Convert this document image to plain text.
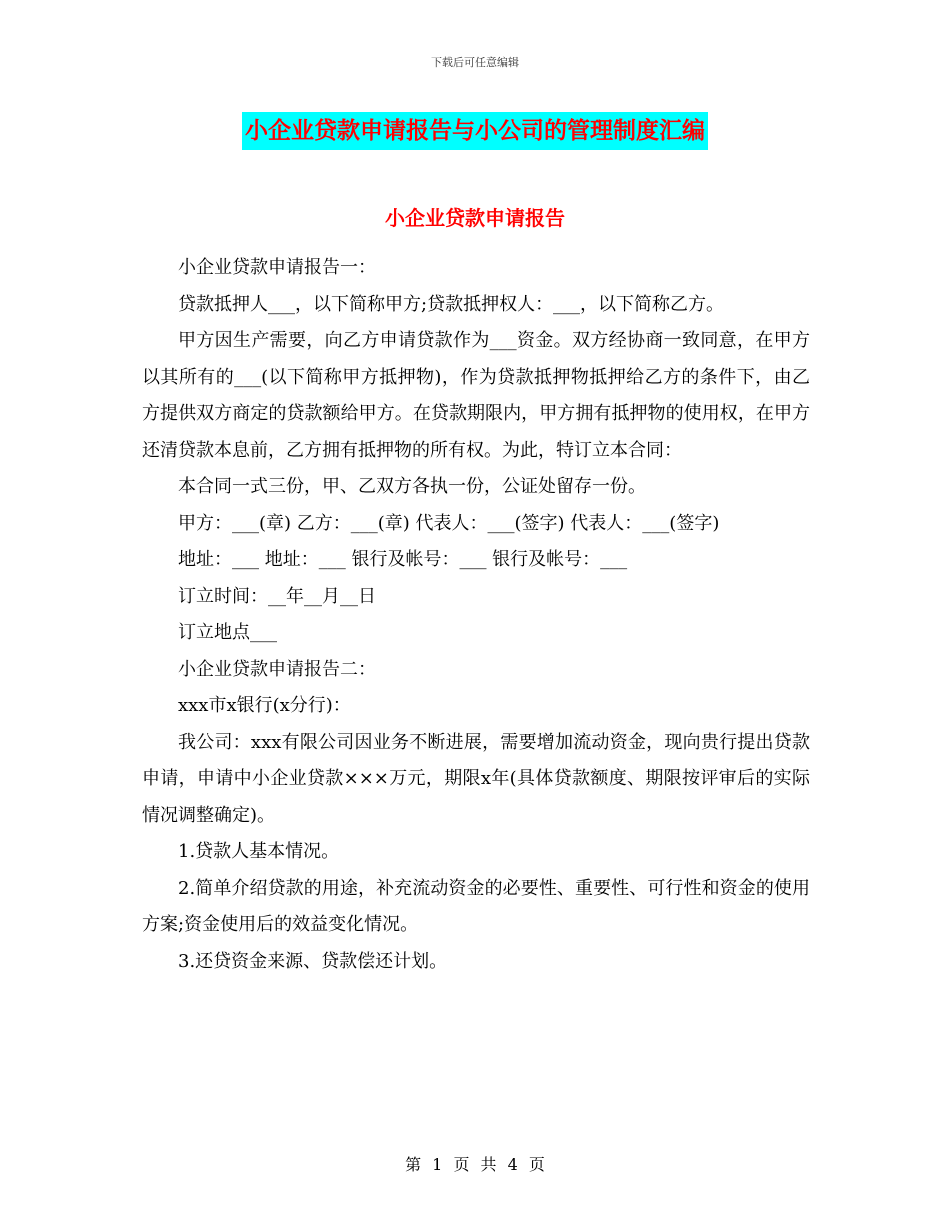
下载后可任意编辑
小企业贷款申请报告与小公司的管理制度汇编
小企业贷款申请报告

小企业贷款申请报告一：

贷款抵押人___，以下简称甲方;贷款抵押权人：___，以下简称乙方。

甲方因生产需要，向乙方申请贷款作为___资金。双方经协商一致同意，在甲方以其所有的___(以下简称甲方抵押物)，作为贷款抵押物抵押给乙方的条件下，由乙方提供双方商定的贷款额给甲方。在贷款期限内，甲方拥有抵押物的使用权，在甲方还清贷款本息前，乙方拥有抵押物的所有权。为此，特订立本合同：

本合同一式三份，甲、乙双方各执一份，公证处留存一份。

甲方：___(章) 乙方：___(章) 代表人：___(签字) 代表人：___(签字)

地址：___ 地址：___ 银行及帐号：___ 银行及帐号：___

订立时间：__年__月__日

订立地点___

小企业贷款申请报告二：

xxx市x银行(x分行)：

我公司：xxx有限公司因业务不断进展，需要增加流动资金，现向贵行提出贷款申请，申请中小企业贷款×××万元，期限x年(具体贷款额度、期限按评审后的实际情况调整确定)。

1.贷款人基本情况。

2.简单介绍贷款的用途，补充流动资金的必要性、重要性、可行性和资金的使用方案;资金使用后的效益变化情况。

3.还贷资金来源、贷款偿还计划。

第 1 页 共 4 页
